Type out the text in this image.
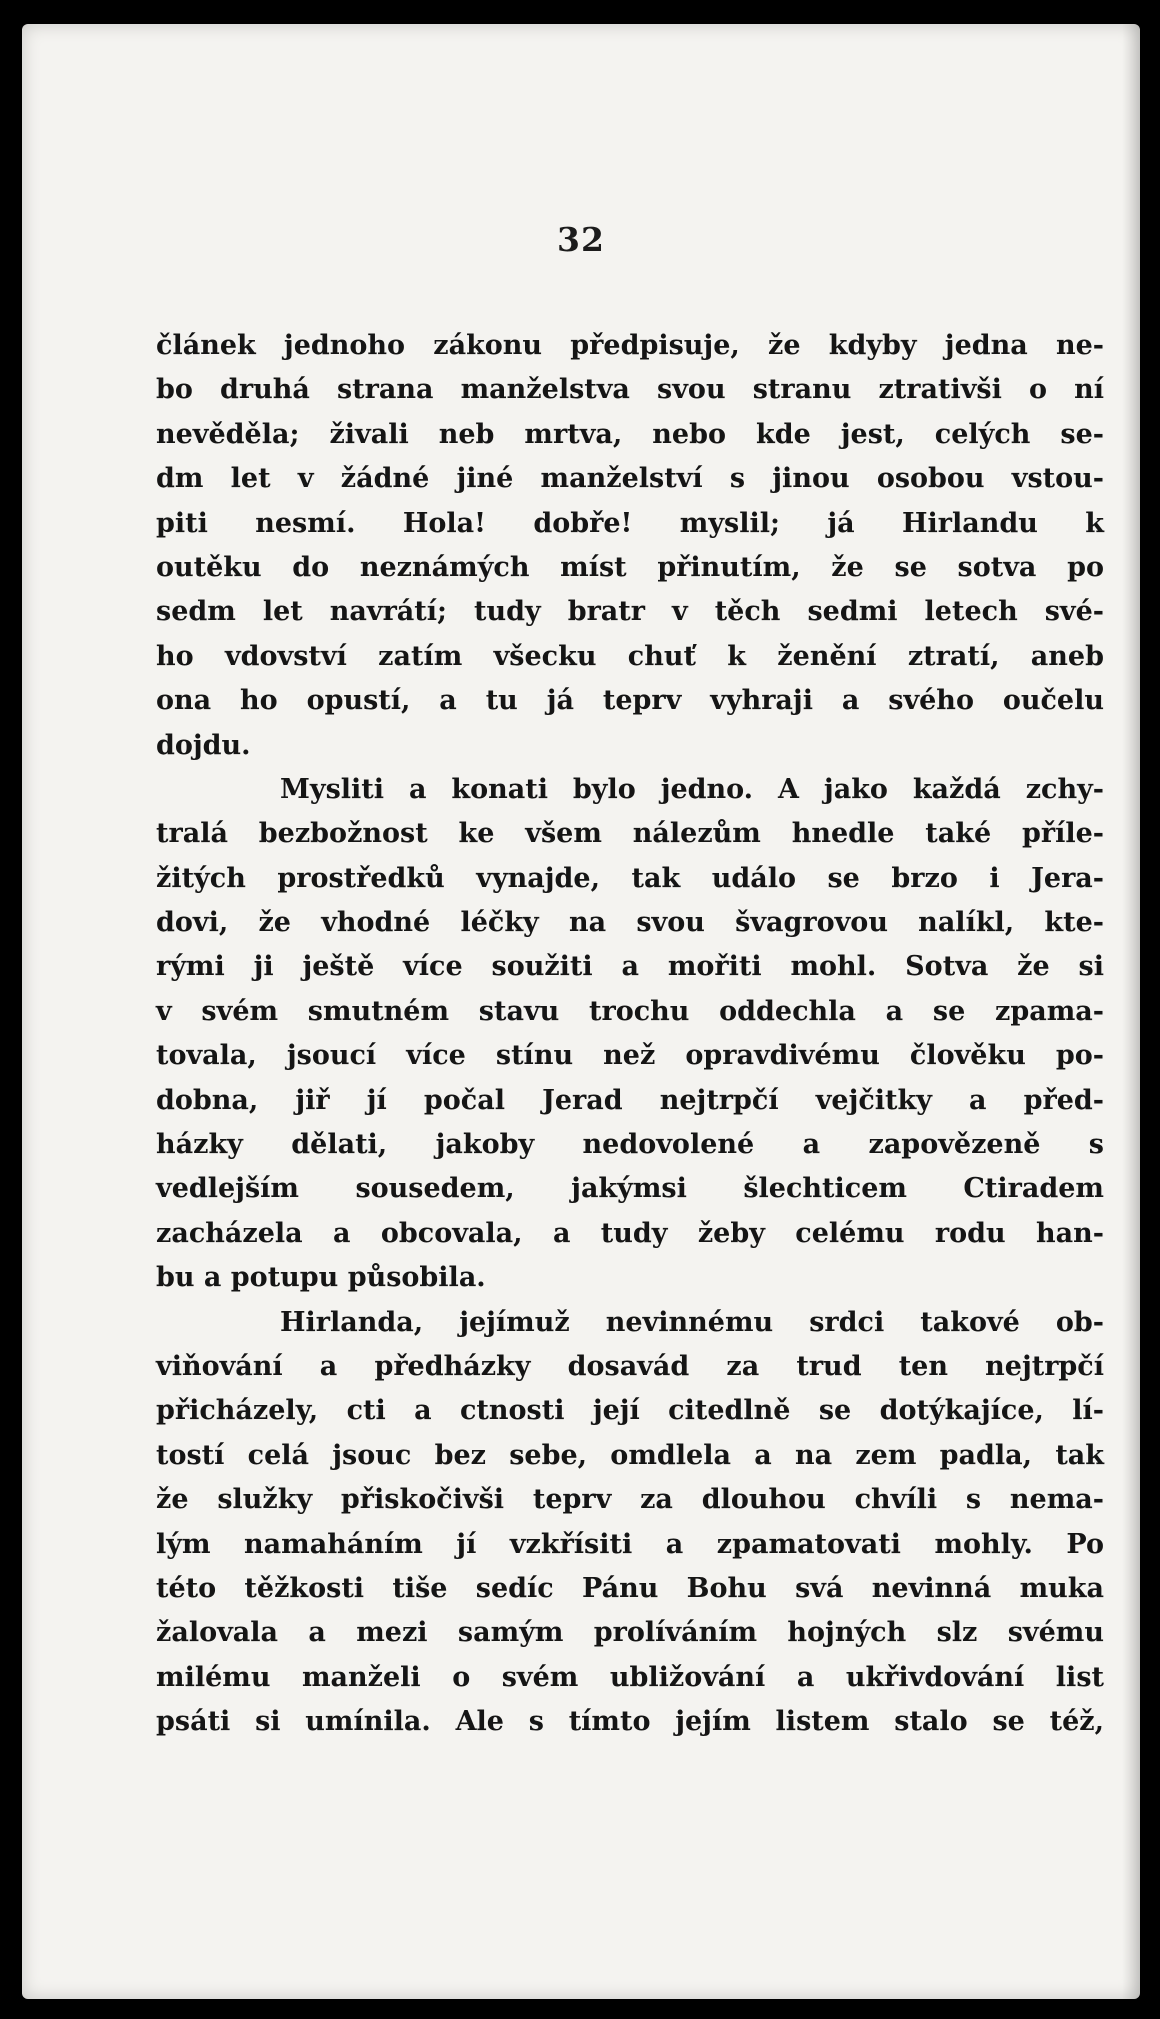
32
článek jednoho zákonu předpisuje, že kdyby jedna ne-
bo druhá strana manželstva svou stranu ztrativši o ní
nevěděla; živali neb mrtva, nebo kde jest, celých se-
dm let v žádné jiné manželství s jinou osobou vstou-
piti nesmí. Hola! dobře! myslil; já Hirlandu k
outěku do neznámých míst přinutím, že se sotva po
sedm let navrátí; tudy bratr v těch sedmi letech své-
ho vdovství zatím všecku chuť k ženění ztratí, aneb
ona ho opustí, a tu já teprv vyhraji a svého oučelu
dojdu.
Mysliti a konati bylo jedno. A jako každá zchy-
tralá bezbožnost ke všem nálezům hnedle také příle-
žitých prostředků vynajde, tak událo se brzo i Jera-
dovi, že vhodné léčky na svou švagrovou nalíkl, kte-
rými ji ještě více soužiti a mořiti mohl. Sotva že si
v svém smutném stavu trochu oddechla a se zpama-
tovala, jsoucí více stínu než opravdivému člověku po-
dobna, jiř jí počal Jerad nejtrpčí vejčitky a před-
házky dělati, jakoby nedovolené a zapovězeně s
vedlejším sousedem, jakýmsi šlechticem Ctiradem
zacházela a obcovala, a tudy žeby celému rodu han-
bu a potupu působila.
Hirlanda, jejímuž nevinnému srdci takové ob-
viňování a předházky dosavád za trud ten nejtrpčí
přicházely, cti a ctnosti její citedlně se dotýkajíce, lí-
tostí celá jsouc bez sebe, omdlela a na zem padla, tak
že služky přiskočivši teprv za dlouhou chvíli s nema-
lým namaháním jí vzkřísiti a zpamatovati mohly. Po
této těžkosti tiše sedíc Pánu Bohu svá nevinná muka
žalovala a mezi samým prolíváním hojných slz svému
milému manželi o svém ubližování a ukřivdování list
psáti si umínila. Ale s tímto jejím listem stalo se též,
